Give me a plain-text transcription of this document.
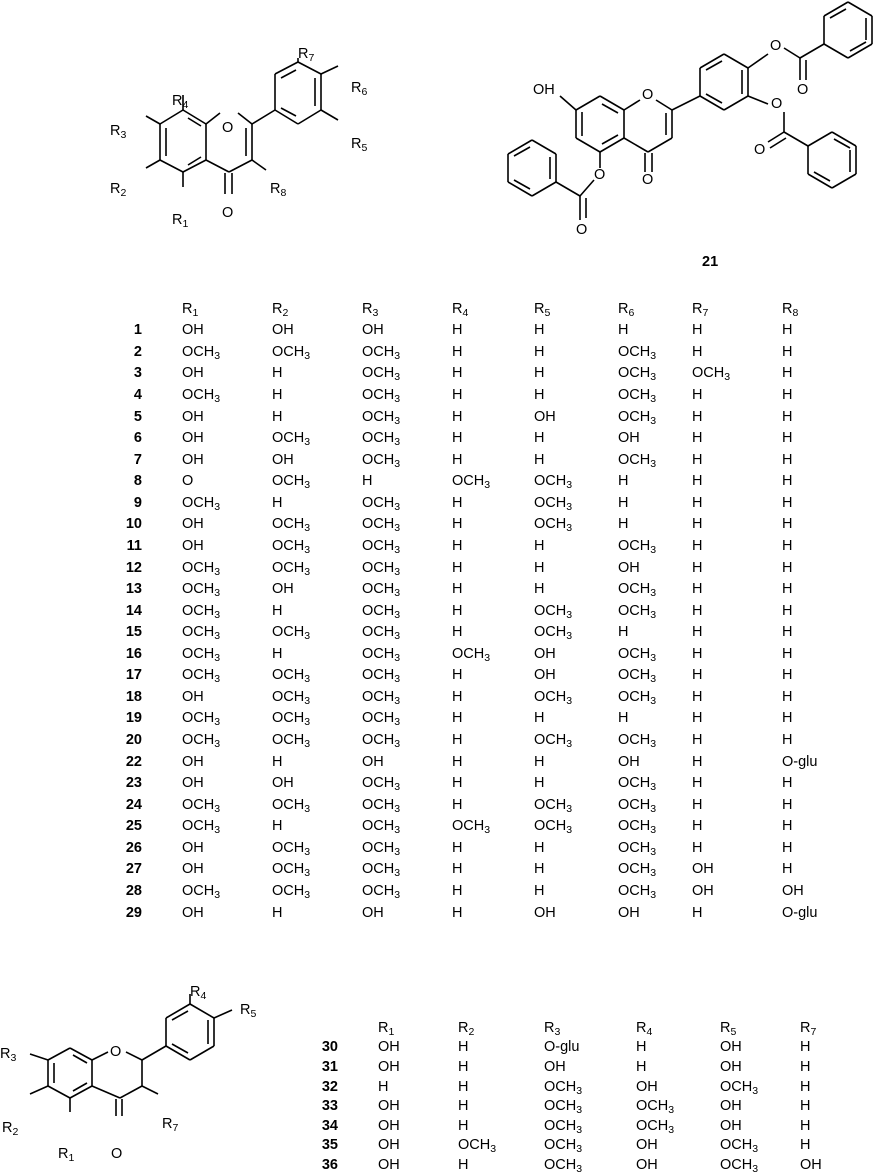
O
O
$R_1$
$R_2$
$R_3$
$R_4$
$R_5$
$R_6$
$R_7$
$R_8$
OH	O
O
O
O
O
O
O
O
21
		$R_1$	$R_2$	$R_3$	$R_4$	$R_5$	$R_6$	$R_7$	$R_8$
1		OH	OH	OH	H	H	H	H	H
2		$OCH_3$	$OCH_3$	$OCH_3$	H	H	$OCH_3$	H	H
3		OH	H	$OCH_3$	H	H	$OCH_3$	$OCH_3$	H
4		$OCH_3$	H	$OCH_3$	H	H	$OCH_3$	H	H
5		OH	H	$OCH_3$	H	OH	$OCH_3$	H	H
6		OH	$OCH_3$	$OCH_3$	H	H	OH	H	H
7		OH	OH	$OCH_3$	H	H	$OCH_3$	H	H
8		O	$OCH_3$	H	$OCH_3$	$OCH_3$	H	H	H
9		$OCH_3$	H	$OCH_3$	H	$OCH_3$	H	H	H
10		OH	$OCH_3$	$OCH_3$	H	$OCH_3$	H	H	H
11		OH	$OCH_3$	$OCH_3$	H	H	$OCH_3$	H	H
12		$OCH_3$	$OCH_3$	$OCH_3$	H	H	OH	H	H
13		$OCH_3$	OH	$OCH_3$	H	H	$OCH_3$	H	H
14		$OCH_3$	H	$OCH_3$	H	$OCH_3$	$OCH_3$	H	H
15		$OCH_3$	$OCH_3$	$OCH_3$	H	$OCH_3$	H	H	H
16		$OCH_3$	H	$OCH_3$	$OCH_3$	OH	$OCH_3$	H	H
17		$OCH_3$	$OCH_3$	$OCH_3$	H	OH	$OCH_3$	H	H
18		OH	$OCH_3$	$OCH_3$	H	$OCH_3$	$OCH_3$	H	H
19		$OCH_3$	$OCH_3$	$OCH_3$	H	H	H	H	H
20		$OCH_3$	$OCH_3$	$OCH_3$	H	$OCH_3$	$OCH_3$	H	H
22		OH	H	OH	H	H	OH	H	O-glu
23		OH	OH	$OCH_3$	H	H	$OCH_3$	H	H
24		$OCH_3$	$OCH_3$	$OCH_3$	H	$OCH_3$	$OCH_3$	H	H
25		$OCH_3$	H	$OCH_3$	$OCH_3$	$OCH_3$	$OCH_3$	H	H
26		OH	$OCH_3$	$OCH_3$	H	H	$OCH_3$	H	H
27		OH	$OCH_3$	$OCH_3$	H	H	$OCH_3$	OH	H
28		$OCH_3$	$OCH_3$	$OCH_3$	H	H	$OCH_3$	OH	OH
29		OH	H	OH	H	OH	OH	H	O-glu
O
O
$R_1$
$R_2$
$R_3$
$R_4$
$R_5$
$R_7$
		$R_1$	$R_2$	$R_3$	$R_4$	$R_5$	$R_7$
30		OH	H	O-glu	H	OH	H
31		OH	H	OH	H	OH	H
32		H	H	$OCH_3$	OH	$OCH_3$	H
33		OH	H	$OCH_3$	$OCH_3$	OH	H
34		OH	H	$OCH_3$	$OCH_3$	OH	H
35		OH	$OCH_3$	$OCH_3$	OH	$OCH_3$	H
36		OH	H	$OCH_3$	OH	$OCH_3$	OH
